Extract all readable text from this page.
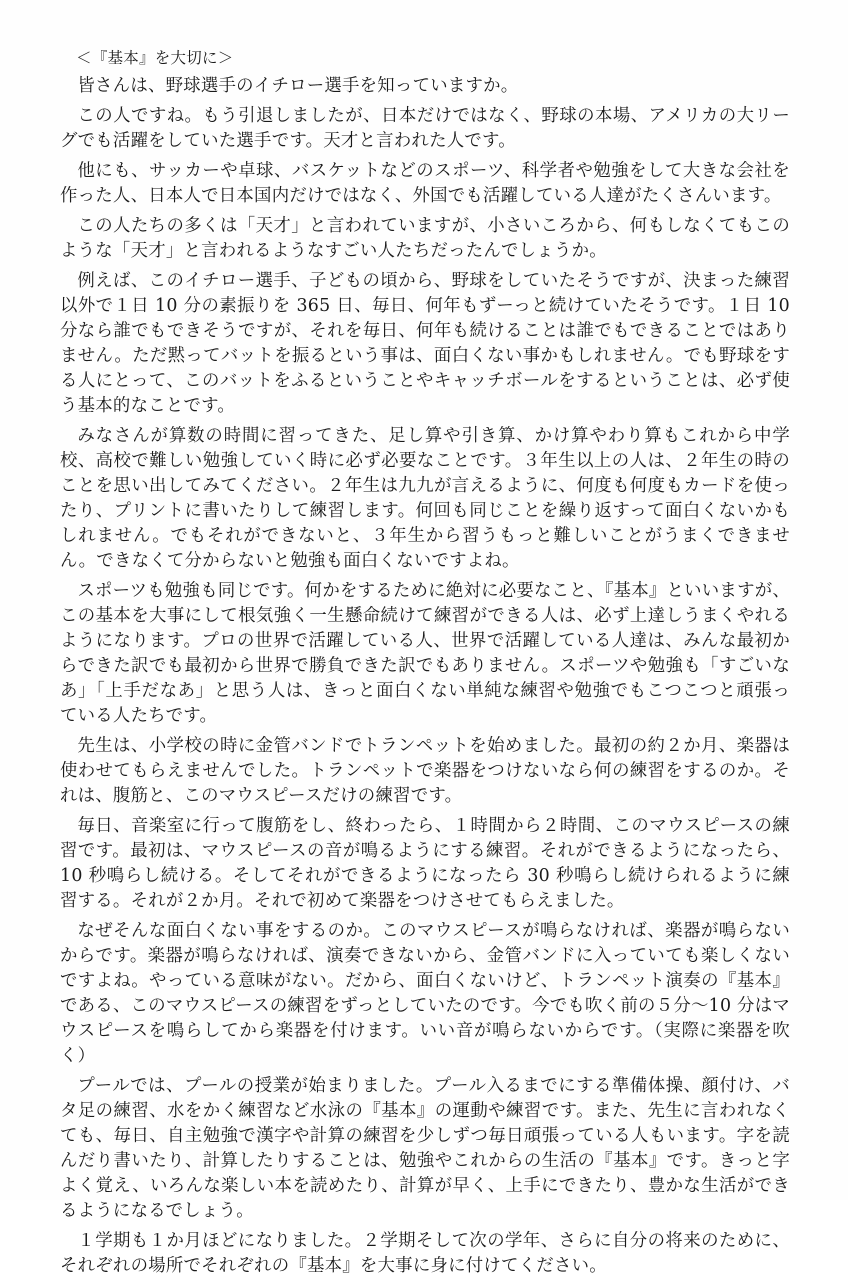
＜『基本』を大切に＞

皆さんは、野球選手のイチロー選手を知っていますか。

この人ですね。もう引退しましたが、日本だけではなく、野球の本場、アメリカの大リーグでも活躍をしていた選手です。天才と言われた人です。

他にも、サッカーや卓球、バスケットなどのスポーツ、科学者や勉強をして大きな会社を作った人、日本人で日本国内だけではなく、外国でも活躍している人達がたくさんいます。

この人たちの多くは「天才」と言われていますが、小さいころから、何もしなくてもこのような「天才」と言われるようなすごい人たちだったんでしょうか。

例えば、このイチロー選手、子どもの頃から、野球をしていたそうですが、決まった練習以外で１日 10 分の素振りを 365 日、毎日、何年もずーっと続けていたそうです。１日 10 分なら誰でもできそうですが、それを毎日、何年も続けることは誰でもできることではありません。ただ黙ってバットを振るという事は、面白くない事かもしれません。でも野球をする人にとって、このバットをふるということやキャッチボールをするということは、必ず使う基本的なことです。

みなさんが算数の時間に習ってきた、足し算や引き算、かけ算やわり算もこれから中学校、高校で難しい勉強していく時に必ず必要なことです。３年生以上の人は、２年生の時のことを思い出してみてください。２年生は九九が言えるように、何度も何度もカードを使ったり、プリントに書いたりして練習します。何回も同じことを繰り返すって面白くないかもしれません。でもそれができないと、３年生から習うもっと難しいことがうまくできません。できなくて分からないと勉強も面白くないですよね。

スポーツも勉強も同じです。何かをするために絶対に必要なこと、『基本』といいますが、この基本を大事にして根気強く一生懸命続けて練習ができる人は、必ず上達しうまくやれるようになります。プロの世界で活躍している人、世界で活躍している人達は、みんな最初からできた訳でも最初から世界で勝負できた訳でもありません。スポーツや勉強も「すごいなあ」「上手だなあ」と思う人は、きっと面白くない単純な練習や勉強でもこつこつと頑張っている人たちです。

先生は、小学校の時に金管バンドでトランペットを始めました。最初の約２か月、楽器は使わせてもらえませんでした。トランペットで楽器をつけないなら何の練習をするのか。それは、腹筋と、このマウスピースだけの練習です。

毎日、音楽室に行って腹筋をし、終わったら、１時間から２時間、このマウスピースの練習です。最初は、マウスピースの音が鳴るようにする練習。それができるようになったら、10 秒鳴らし続ける。そしてそれができるようになったら 30 秒鳴らし続けられるように練習する。それが２か月。それで初めて楽器をつけさせてもらえました。

なぜそんな面白くない事をするのか。このマウスピースが鳴らなければ、楽器が鳴らないからです。楽器が鳴らなければ、演奏できないから、金管バンドに入っていても楽しくないですよね。やっている意味がない。だから、面白くないけど、トランペット演奏の『基本』である、このマウスピースの練習をずっとしていたのです。今でも吹く前の５分～10 分はマウスピースを鳴らしてから楽器を付けます。いい音が鳴らないからです。（実際に楽器を吹く）

プールでは、プールの授業が始まりました。プール入るまでにする準備体操、顔付け、バタ足の練習、水をかく練習など水泳の『基本』の運動や練習です。また、先生に言われなくても、毎日、自主勉強で漢字や計算の練習を少しずつ毎日頑張っている人もいます。字を読んだり書いたり、計算したりすることは、勉強やこれからの生活の『基本』です。きっと字よく覚え、いろんな楽しい本を読めたり、計算が早く、上手にできたり、豊かな生活ができるようになるでしょう。

１学期も１か月ほどになりました。２学期そして次の学年、さらに自分の将来のために、それぞれの場所でそれぞれの『基本』を大事に身に付けてください。
